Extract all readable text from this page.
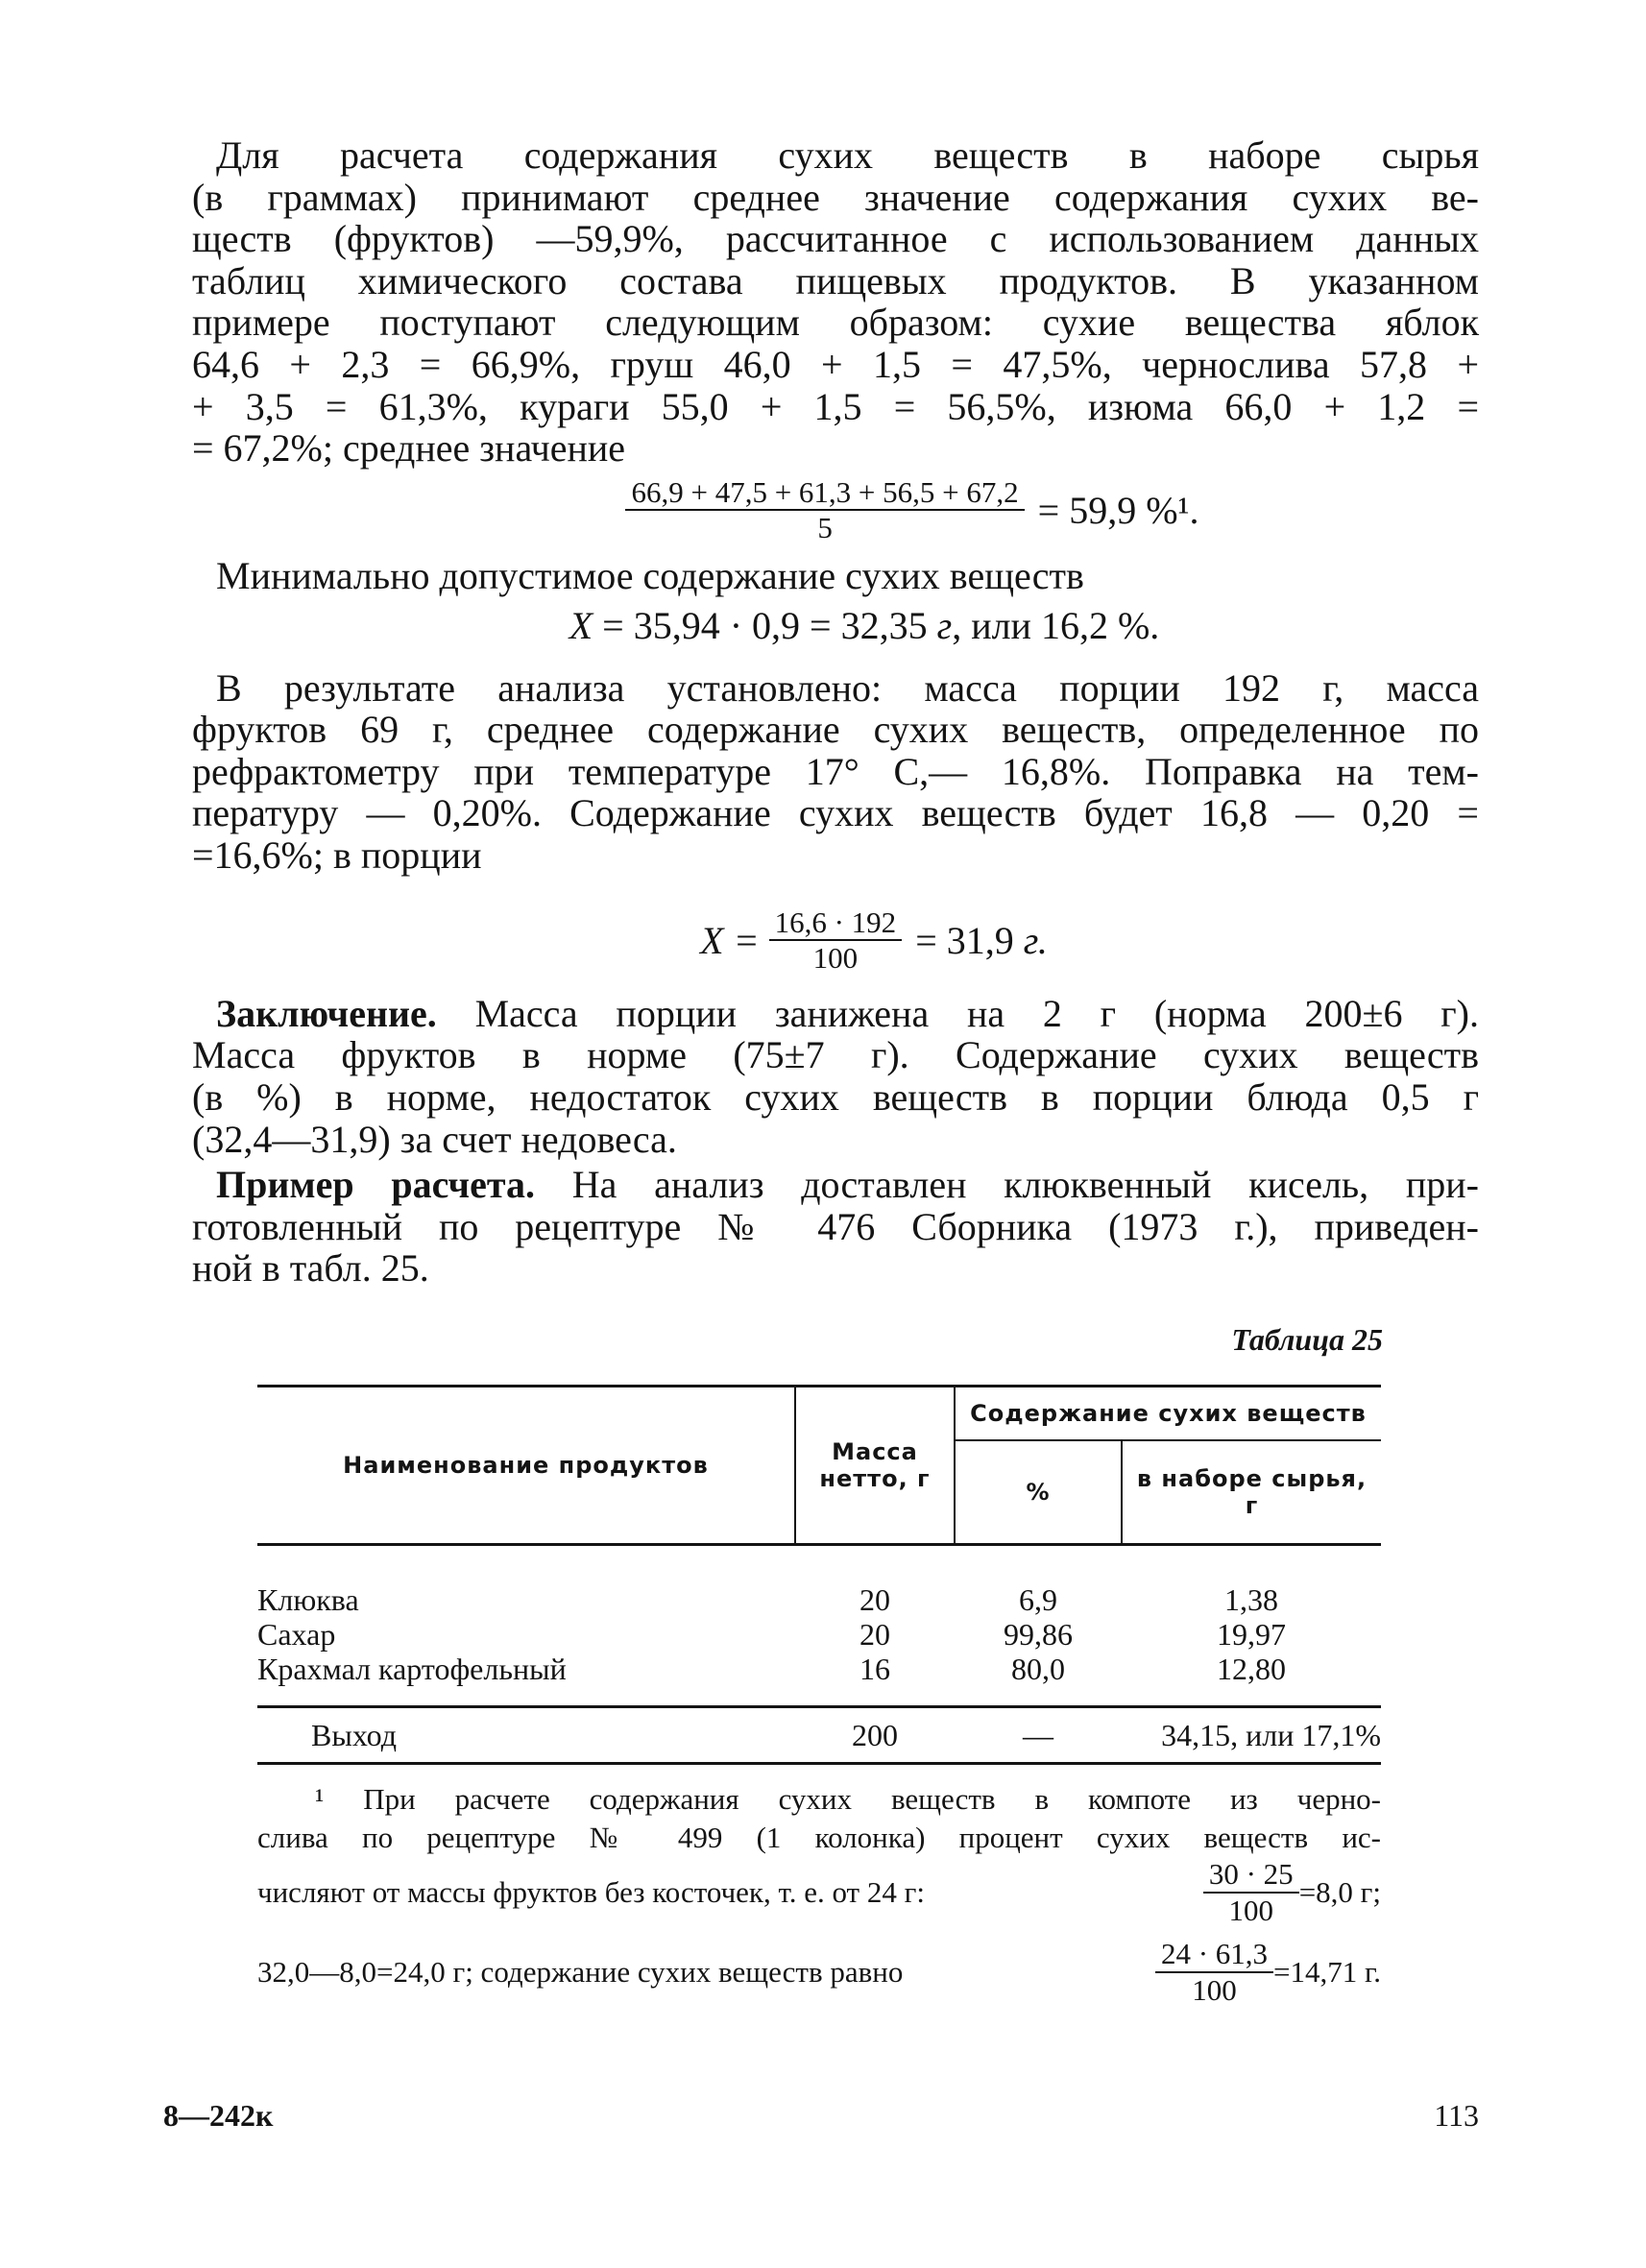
Для расчета содержания сухих веществ в наборе сырья
(в граммах) принимают среднее значение содержания сухих ве-
ществ (фруктов) —59,9%, рассчитанное с использованием данных
таблиц химического состава пищевых продуктов. В указанном
примере поступают следующим образом: сухие вещества яблок
64,6 + 2,3 = 66,9%, груш 46,0 + 1,5 = 47,5%, чернослива 57,8 +
+ 3,5 = 61,3%, кураги 55,0 + 1,5 = 56,5%, изюма 66,0 + 1,2 =
= 67,2%; среднее значение
$\frac{66,9 + 47,5 + 61,3 + 56,5 + 67,2}{5} = 59,9$ %¹.
Минимально допустимое содержание сухих веществ
X = 35,94 · 0,9 = 32,35 г , или 16,2 %.
В результате анализа установлено: масса порции 192 г, масса
фруктов 69 г, среднее содержание сухих веществ, определенное по
рефрактометру при температуре 17° С,— 16,8%. Поправка на тем-
пературу — 0,20%. Содержание сухих веществ будет 16,8 — 0,20 =
=16,6%; в порции
$X = \frac{16,6 \cdot 192}{100} = 31,9$ г.
Заключение. Масса порции занижена на 2 г (норма 200±6 г).
Масса фруктов в норме (75±7 г). Содержание сухих веществ
(в %) в норме, недостаток сухих веществ в порции блюда 0,5 г
(32,4—31,9) за счет недовеса.
Пример расчета. На анализ доставлен клюквенный кисель, при-
готовленный по рецептуре № 476 Сборника (1973 г.), приведен-
ной в табл. 25.
Таблица 25
Наименование продуктов	Масса нетто, г	Содержание сухих веществ	
		%	в наборе сырья, г

Клюква	20	6,9	1,38
Сахар	20	99,86	19,97
Крахмал картофельный	16	80,0	12,80

Выход	200	—	34,15, или 17,1%

¹ При расчете содержания сухих веществ в компоте из черно-
слива по рецептуре № 499 (1 колонка) процент сухих веществ ис-
числяют от массы фруктов без косточек, т. е. от 24 г:	$\frac{30 \cdot 25}{100} =8,0$ г;
32,0—8,0=24,0 г; содержание сухих веществ равно	$\frac{24 \cdot 61,3}{100} =14,71$ г.
8—242к	113
